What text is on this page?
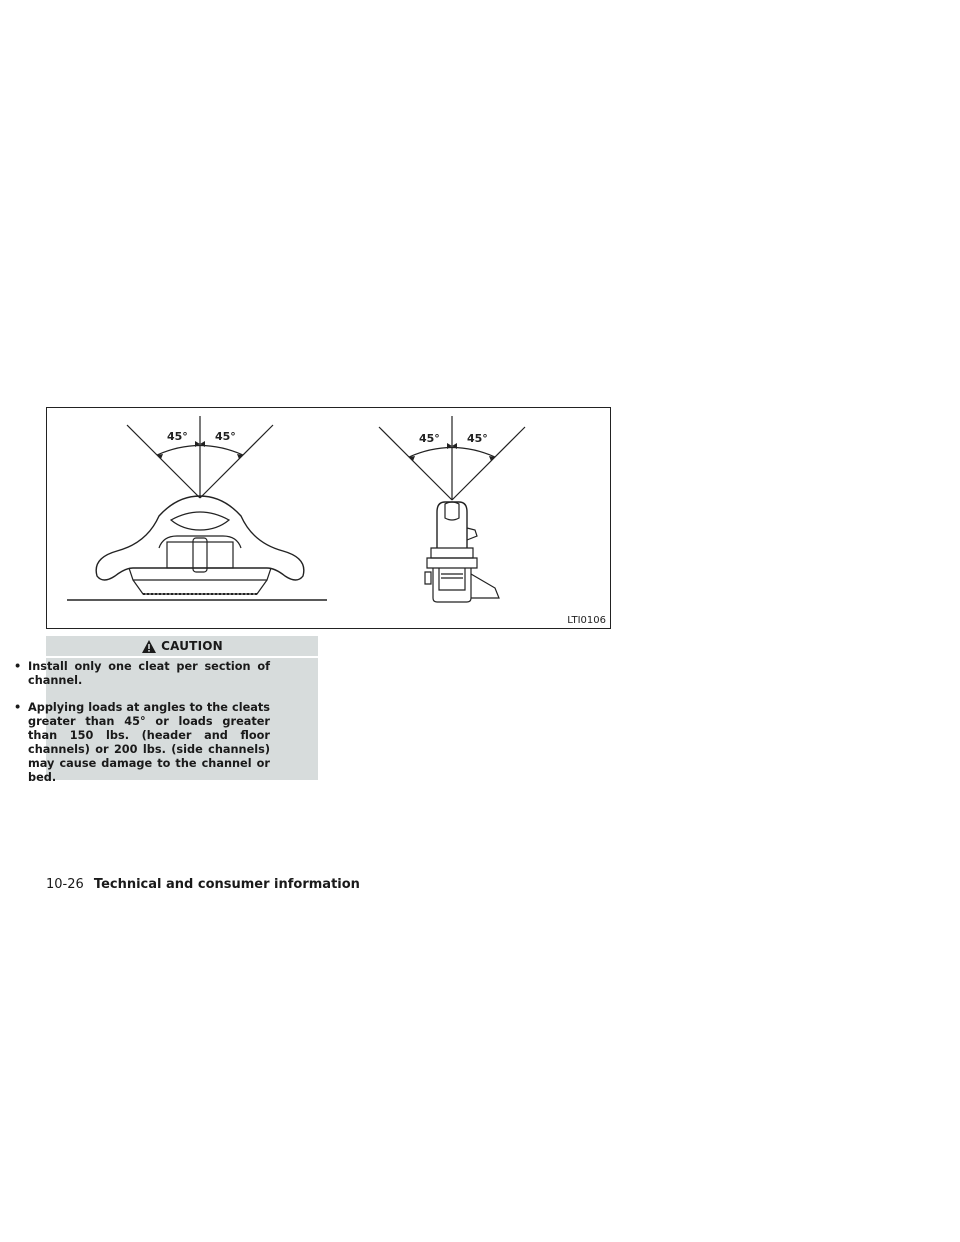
45° 45°	45° 45°
LTI0106
CAUTION
• Install only one cleat per section of channel.
• Applying loads at angles to the cleats greater than 45° or loads greater than 150 lbs. (header and floor channels) or 200 lbs. (side channels) may cause damage to the channel or bed.
10-26 Technical and consumer information
